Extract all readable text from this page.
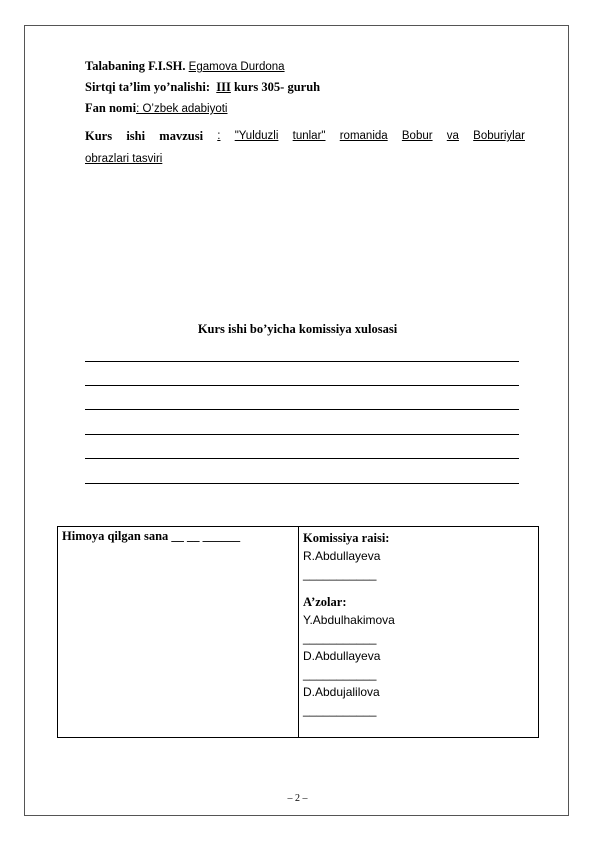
Talabaning F.I.SH. Egamova Durdona
Sirtqi ta’lim yo’nalishi: III kurs 305- guruh
Fan nomi: O’zbek adabiyoti
Kurs ishi mavzusi : "Yulduzli tunlar" romanida Bobur va Boburiylar
obrazlari tasviri
Kurs ishi bo’yicha komissiya xulosasi
Himoya qilgan sana __ __ ______	Komissiya raisi:
R.Abdullayeva
___________
A’zolar:
Y.Abdulhakimova
___________
D.Abdullayeva
___________
D.Abdujalilova
___________
– 2 –
